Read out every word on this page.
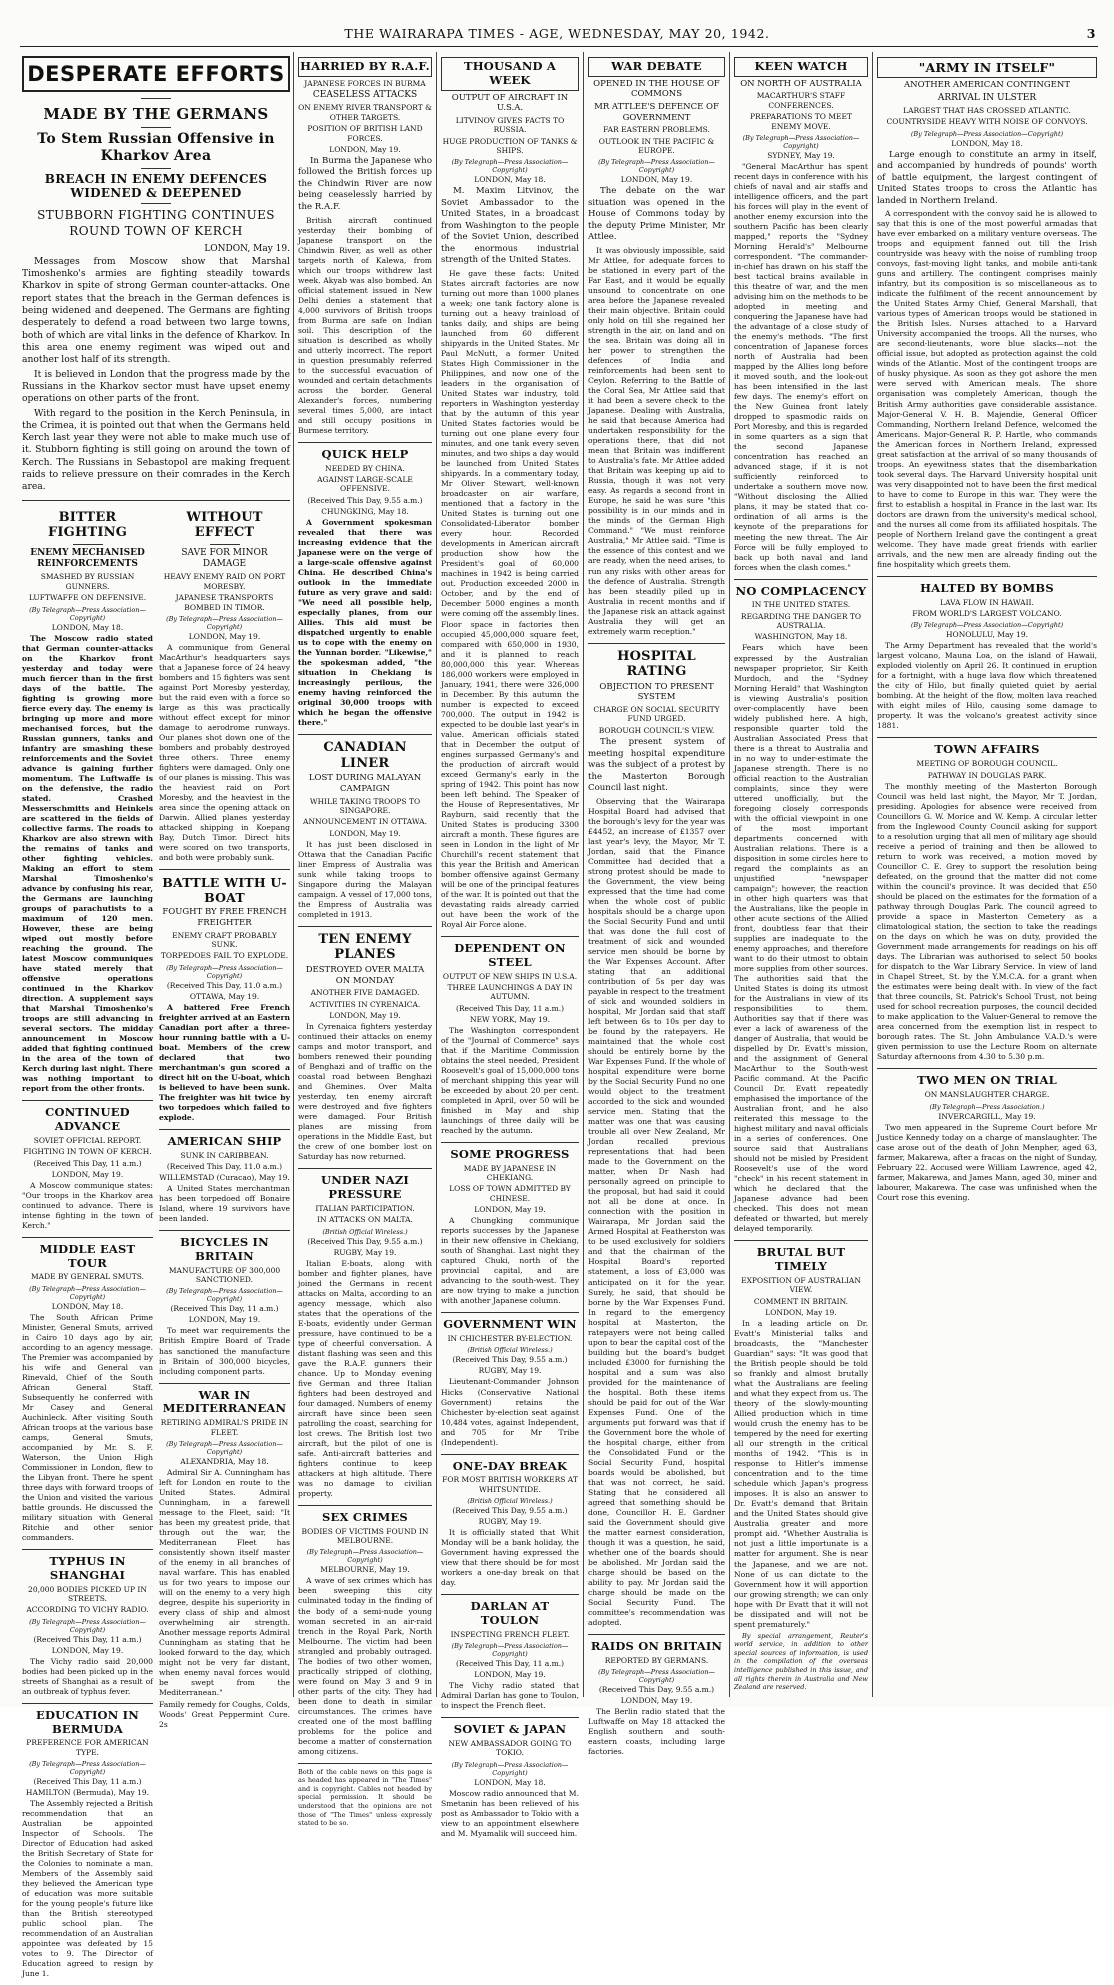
THE WAIRARAPA TIMES - AGE, WEDNESDAY, MAY 20, 1942.	3
DESPERATE EFFORTS
MADE BY THE GERMANS
To Stem Russian Offensive in Kharkov Area
BREACH IN ENEMY DEFENCES WIDENED & DEEPENED
STUBBORN FIGHTING CONTINUES ROUND TOWN OF KERCH
LONDON, May 19.

Messages from Moscow show that Marshal Timoshenko's armies are fighting steadily towards Kharkov in spite of strong German counter-attacks. One report states that the breach in the German defences is being widened and deepened. The Germans are fighting desperately to defend a road between two large towns, both of which are vital links in the defence of Kharkov. In this area one enemy regiment was wiped out and another lost half of its strength.

It is believed in London that the progress made by the Russians in the Kharkov sector must have upset enemy operations on other parts of the front.

With regard to the position in the Kerch Peninsula, in the Crimea, it is pointed out that when the Germans held Kerch last year they were not able to make much use of it. Stubborn fighting is still going on around the town of Kerch. The Russians in Sebastopol are making frequent raids to relieve pressure on their comrades in the Kerch area.

BITTER FIGHTING
ENEMY MECHANISED REINFORCEMENTS
SMASHED BY RUSSIAN GUNNERS.
LUFTWAFFE ON DEFENSIVE.
(By Telegraph—Press Association—Copyright)
LONDON, May 18.

The Moscow radio stated that German counter-attacks on the Kharkov front yesterday and today were much fiercer than in the first days of the battle. The fighting is growing more fierce every day. The enemy is bringing up more and more mechanised forces, but the Russian gunners, tanks and infantry are smashing these reinforcements and the Soviet advance is gaining further momentum. The Luftwaffe is on the defensive, the radio stated. Crashed Messerschmitts and Heinkels are scattered in the fields of collective farms. The roads to Kharkov are also strewn with the remains of tanks and other fighting vehicles. Making an effort to stem Marshal Timoshenko's advance by confusing his rear, the Germans are launching groups of parachutists to a maximum of 120 men. However, these are being wiped out mostly before reaching the ground. The latest Moscow communiques have stated merely that offensive operations continued in the Kharkov direction. A supplement says that Marshal Timoshenko's troops are still advancing in several sectors. The midday announcement in Moscow added that fighting continued in the area of the town of Kerch during last night. There was nothing important to report from the other fronts.

CONTINUED ADVANCE
SOVIET OFFICIAL REPORT.
FIGHTING IN TOWN OF KERCH.
(Received This Day, 11 a.m.)
LONDON, May 19.

A Moscow communique states: "Our troops in the Kharkov area continued to advance. There is intense fighting in the town of Kerch."

MIDDLE EAST TOUR
MADE BY GENERAL SMUTS.
(By Telegraph—Press Association—Copyright)
LONDON, May 18.

The South African Prime Minister, General Smuts, arrived in Cairo 10 days ago by air, according to an agency message. The Premier was accompanied by his wife and General van Rinevald, Chief of the South African General Staff. Subsequently he conferred with Mr Casey and General Auchinleck. After visiting South African troops at the various base camps, General Smuts, accompanied by Mr. S. F. Waterson, the Union High Commissioner in London, flew to the Libyan front. There he spent three days with forward troops of the Union and visited the various battle grounds. He discussed the military situation with General Ritchie and other senior commanders.

TYPHUS IN SHANGHAI
20,000 BODIES PICKED UP IN STREETS.
ACCORDING TO VICHY RADIO.
(By Telegraph—Press Association—Copyright)
(Received This Day, 11 a.m.)
LONDON, May 19.

The Vichy radio said 20,000 bodies had been picked up in the streets of Shanghai as a result of an outbreak of typhus fever.

EDUCATION IN BERMUDA
PREFERENCE FOR AMERICAN TYPE.
(By Telegraph—Press Association—Copyright)
(Received This Day, 11 a.m.)
HAMILTON (Bermuda), May 19.

The Assembly rejected a British recommendation that an Australian be appointed Inspector of Schools. The Director of Education had asked the British Secretary of State for the Colonies to nominate a man. Members of the Assembly said they believed the American type of education was more suitable for the young people's future like than the British stereotyped public school plan. The recommendation of an Australian appointee was defeated by 15 votes to 9. The Director of Education agreed to resign by June 1.

WITHOUT EFFECT
SAVE FOR MINOR DAMAGE
HEAVY ENEMY RAID ON PORT MORESBY.
JAPANESE TRANSPORTS BOMBED IN TIMOR.
(By Telegraph—Press Association—Copyright)
LONDON, May 19.

A communique from General MacArthur's headquarters says that a Japanese force of 24 heavy bombers and 15 fighters was sent against Port Moresby yesterday, but the raid even with a force so large as this was practically without effect except for minor damage to aerodrome runways. Our planes shot down one of the bombers and probably destroyed three others. Three enemy fighters were damaged. Only one of our planes is missing. This was the heaviest raid on Port Moresby, and the heaviest in the area since the opening attack on Darwin. Allied planes yesterday attacked shipping in Koepang Bay, Dutch Timor. Direct hits were scored on two transports, and both were probably sunk.

BATTLE WITH U-BOAT
FOUGHT BY FREE FRENCH FREIGHTER
ENEMY CRAFT PROBABLY SUNK.
TORPEDOES FAIL TO EXPLODE.
(By Telegraph—Press Association—Copyright)
(Received This Day, 11.0 a.m.)
OTTAWA, May 19.

A battered Free French freighter arrived at an Eastern Canadian port after a three-hour running battle with a U-boat. Members of the crew declared that two merchantman's gun scored a direct hit on the U-boat, which is believed to have been sunk. The freighter was hit twice by two torpedoes which failed to explode.

AMERICAN SHIP
SUNK IN CARIBBEAN.
(Received This Day, 11.0 a.m.)
WILLEMSTAD (Curacao), May 19.

A United States merchantman has been torpedoed off Bonaire Island, where 19 survivors have been landed.

BICYCLES IN BRITAIN
MANUFACTURE OF 300,000 SANCTIONED.
(By Telegraph—Press Association—Copyright)
(Received This Day, 11 a.m.)
LONDON, May 19.

To meet war requirements the British Empire Board of Trade has sanctioned the manufacture in Britain of 300,000 bicycles, including component parts.

WAR IN MEDITERRANEAN
RETIRING ADMIRAL'S PRIDE IN FLEET.
(By Telegraph—Press Association—Copyright)
ALEXANDRIA, May 18.

Admiral Sir A. Cunningham has left for London en route to the United States. Admiral Cunningham, in a farewell message to the Fleet, said: "It has been my greatest pride, that through out the war, the Mediterranean Fleet has consistently shown itself master of the enemy in all branches of naval warfare. This has enabled us for two years to impose our will on the enemy to a very high degree, despite his superiority in every class of ship and almost overwhelming air strength. Another message reports Admiral Cunningham as stating that he looked forward to the day, which might not be very far distant, when enemy naval forces would be swept from the Mediterranean."

Family remedy for Coughs, Colds, Woods' Great Peppermint Cure. 2s

HARRIED BY R.A.F.
JAPANESE FORCES IN BURMA
CEASELESS ATTACKS
ON ENEMY RIVER TRANSPORT & OTHER TARGETS.
POSITION OF BRITISH LAND FORCES.
LONDON, May 19.

In Burma the Japanese who followed the British forces up the Chindwin River are now being ceaselessly harried by the R.A.F.

British aircraft continued yesterday their bombing of Japanese transport on the Chindwin River, as well as other targets north of Kalewa, from which our troops withdrew last week. Akyab was also bombed. An official statement issued in New Delhi denies a statement that 4,000 survivors of British troops from Burma are safe on Indian soil. This description of the situation is described as wholly and utterly incorrect. The report in question presumably referred to the successful evacuation of wounded and certain detachments across the border. General Alexander's forces, numbering several times 5,000, are intact and still occupy positions in Burmese territory.

QUICK HELP
NEEDED BY CHINA.
AGAINST LARGE-SCALE OFFENSIVE.
(Received This Day, 9.55 a.m.)
CHUNGKING, May 18.

A Government spokesman revealed that there was increasing evidence that the Japanese were on the verge of a large-scale offensive against China. He described China's outlook in the immediate future as very grave and said: "We need all possible help, especially planes, from our Allies. This aid must be dispatched urgently to enable us to cope with the enemy on the Yunnan border. "Likewise," the spokesman added, "the situation in Chekiang is increasingly perilous, the enemy having reinforced the original 30,000 troops with which he began the offensive there."

CANADIAN LINER
LOST DURING MALAYAN CAMPAIGN
WHILE TAKING TROOPS TO SINGAPORE.
ANNOUNCEMENT IN OTTAWA.
LONDON, May 19.

It has just been disclosed in Ottawa that the Canadian Pacific liner Empress of Australia was sunk while taking troops to Singapore during the Malayan campaign. A vessel of 17,000 tons, the Empress of Australia was completed in 1913.

TEN ENEMY PLANES
DESTROYED OVER MALTA ON MONDAY
ANOTHER FIVE DAMAGED.
ACTIVITIES IN CYRENAICA.
LONDON, May 19.

In Cyrenaica fighters yesterday continued their attacks on enemy camps and motor transport, and bombers renewed their pounding of Benghazi and of traffic on the coastal road between Benghazi and Ghemines. Over Malta yesterday, ten enemy aircraft were destroyed and five fighters were damaged. Four British planes are missing from operations in the Middle East, but the crew of one bomber lost on Saturday has now returned.

UNDER NAZI PRESSURE
ITALIAN PARTICIPATION.
IN ATTACKS ON MALTA.
(British Official Wireless.)
(Received This Day, 9.55 a.m.)
RUGBY, May 19.

Italian E-boats, along with bomber and fighter planes, have joined the Germans in recent attacks on Malta, according to an agency message, which also states that the operations of the E-boats, evidently under German pressure, have continued to be a type of cheerful conversation. A distant flashing was seen and this gave the R.A.F. gunners their chance. Up to Monday evening five German and three Italian fighters had been destroyed and four damaged. Numbers of enemy aircraft have since been seen patrolling the coast, searching for lost crews. The British lost two aircraft, but the pilot of one is safe. Anti-aircraft batteries and fighters continue to keep attackers at high altitude. There was no damage to civilian property.

SEX CRIMES
BODIES OF VICTIMS FOUND IN MELBOURNE.
(By Telegraph—Press Association—Copyright)
MELBOURNE, May 19.

A wave of sex crimes which has been sweeping this city culminated today in the finding of the body of a semi-nude young woman secreted in an air-raid trench in the Royal Park, North Melbourne. The victim had been strangled and probably outraged. The bodies of two other women, practically stripped of clothing, were found on May 3 and 9 in other parts of the city. They had been done to death in similar circumstances. The crimes have created one of the most baffling problems for the police and become a matter of consternation among citizens.

Both of the cable news on this page is as headed has appeared in "The Times" and is copyright. Cables not headed by special permission. It should be understood that the opinions are not those of "The Times" unless expressly stated to be so.

THOUSAND A WEEK
OUTPUT OF AIRCRAFT IN U.S.A.
LITVINOV GIVES FACTS TO RUSSIA.
HUGE PRODUCTION OF TANKS & SHIPS.
(By Telegraph—Press Association—Copyright)
LONDON, May 18.

M. Maxim Litvinov, the Soviet Ambassador to the United States, in a broadcast from Washington to the people of the Soviet Union, described the enormous industrial strength of the United States.

He gave these facts: United States aircraft factories are now turning out more than 1000 planes a week; one tank factory alone is turning out a heavy trainload of tanks daily, and ships are being launched from 60 different shipyards in the United States. Mr Paul McNutt, a former United States High Commissioner in the Philippines, and now one of the leaders in the organisation of United States war industry, told reporters in Washington yesterday that by the autumn of this year United States factories would be turning out one plane every four minutes, and one tank every seven minutes, and two ships a day would be launched from United States shipyards. In a commentary today, Mr Oliver Stewart, well-known broadcaster on air warfare, mentioned that a factory in the United States is turning out one Consolidated-Liberator bomber every hour. Recorded developments in American aircraft production show how the President's goal of 60,000 machines in 1942 is being carried out. Production exceeded 2000 in October, and by the end of December 5000 engines a month were coming off the assembly lines. Floor space in factories then occupied 45,000,000 square feet, compared with 650,000 in 1930, and it is planned to reach 80,000,000 this year. Whereas 186,000 workers were employed in January, 1941, there were 326,000 in December. By this autumn the number is expected to exceed 700,000. The output in 1942 is expected to be double last year's in value. American officials stated that in December the output of engines surpassed Germany's and the production of aircraft would exceed Germany's early in the spring of 1942. This point has now been left behind. The Speaker of the House of Representatives, Mr Rayburn, said recently that the United States is producing 3300 aircraft a month. These figures are seen in London in the light of Mr Churchill's recent statement that this year the British and American bomber offensive against Germany will be one of the principal features of the war. It is pointed out that the devastating raids already carried out have been the work of the Royal Air Force alone.

DEPENDENT ON STEEL
OUTPUT OF NEW SHIPS IN U.S.A.
THREE LAUNCHINGS A DAY IN AUTUMN.
(Received This Day, 11 a.m.)
NEW YORK, May 19.

The Washington correspondent of the "Journal of Commerce" says that if the Maritime Commission obtains the steel needed, President Roosevelt's goal of 15,000,000 tons of merchant shipping this year will be exceeded by about 20 per cent. completed in April, over 50 will be finished in May and ship launchings of three daily will be reached by the autumn.

SOME PROGRESS
MADE BY JAPANESE IN CHEKIANG.
LOSS OF TOWN ADMITTED BY CHINESE.
LONDON, May 19.

A Chungking communique reports successes by the Japanese in their new offensive in Chekiang, south of Shanghai. Last night they captured Chuki, north of the provincial capital, and are advancing to the south-west. They are now trying to make a junction with another Japanese column.

GOVERNMENT WIN
IN CHICHESTER BY-ELECTION.
(British Official Wireless.)
(Received This Day, 9.55 a.m.)
RUGBY, May 19.

Lieutenant-Commander Johnson Hicks (Conservative National Government) retains the Chichester by-election seat against 10,484 votes, against Independent, and 705 for Mr Tribe (Independent).

ONE-DAY BREAK
FOR MOST BRITISH WORKERS AT WHITSUNTIDE.
(British Official Wireless.)
(Received This Day, 9.55 a.m.)
RUGBY, May 19.

It is officially stated that Whit Monday will be a bank holiday, the Government having expressed the view that there should be for most workers a one-day break on that day.

DARLAN AT TOULON
INSPECTING FRENCH FLEET.
(By Telegraph—Press Association—Copyright)
(Received This Day, 11 a.m.)
LONDON, May 19.

The Vichy radio stated that Admiral Darlan has gone to Toulon, to inspect the French fleet.

SOVIET & JAPAN
NEW AMBASSADOR GOING TO TOKIO.
(By Telegraph—Press Association—Copyright)
LONDON, May 18.

Moscow radio announced that M. Smetanin has been relieved of his post as Ambassador to Tokio with a view to an appointment elsewhere and M. Myamalik will succeed him.

WAR DEBATE
OPENED IN THE HOUSE OF COMMONS
MR ATTLEE'S DEFENCE OF GOVERNMENT
FAR EASTERN PROBLEMS.
OUTLOOK IN THE PACIFIC & EUROPE.
(By Telegraph—Press Association—Copyright)
LONDON, May 19.

The debate on the war situation was opened in the House of Commons today by the deputy Prime Minister, Mr Attlee.

It was obviously impossible, said Mr Attlee, for adequate forces to be stationed in every part of the Far East, and it would be equally unsound to concentrate on one area before the Japanese revealed their main objective. Britain could only hold on till she regained her strength in the air, on land and on the sea. Britain was doing all in her power to strengthen the defences of India and reinforcements had been sent to Ceylon. Referring to the Battle of the Coral Sea, Mr Attlee said that it had been a severe check to the Japanese. Dealing with Australia, he said that because America had undertaken responsibility for the operations there, that did not mean that Britain was indifferent to Australia's fate. Mr Attlee added that Britain was keeping up aid to Russia, though it was not very easy. As regards a second front in Europe, he said he was sure "this possibility is in our minds and in the minds of the German High Command." "We must reinforce Australia," Mr Attlee said. "Time is the essence of this contest and we are ready, when the need arises, to run any risks with other areas for the defence of Australia. Strength has been steadily piled up in Australia in recent months and if the Japanese risk an attack against Australia they will get an extremely warm reception."

HOSPITAL RATING
OBJECTION TO PRESENT SYSTEM
CHARGE ON SOCIAL SECURITY FUND URGED.
BOROUGH COUNCIL'S VIEW.

The present system of meeting hospital expenditure was the subject of a protest by the Masterton Borough Council last night.

Observing that the Wairarapa Hospital Board had advised that the borough's levy for the year was £4452, an increase of £1357 over last year's levy, the Mayor, Mr T. Jordan, said that the Finance Committee had decided that a strong protest should be made to the Government, the view being expressed that the time had come when the whole cost of public hospitals should be a charge upon the Social Security Fund and until that was done the full cost of treatment of sick and wounded service men should be borne by the War Expenses Account. After stating that an additional contribution of 5s per day was payable in respect to the treatment of sick and wounded soldiers in hospital, Mr Jordan said that staff left between 6s to 10s per day to be found by the ratepayers. He maintained that the whole cost should be entirely borne by the War Expenses Fund. If the whole of hospital expenditure were borne by the Social Security Fund no one would object to the treatment accorded to the sick and wounded service men. Stating that the matter was one that was causing trouble all over New Zealand, Mr Jordan recalled previous representations that had been made to the Government on the matter, when Dr Nash had personally agreed on principle to the proposal, but had said it could not all be done at once. In connection with the position in Wairarapa, Mr Jordan said the Armed Hospital at Featherston was to be used exclusively for soldiers and that the chairman of the Hospital Board's reported statement, a loss of £3,000 was anticipated on it for the year. Surely, he said, that should be borne by the War Expenses Fund. In regard to the emergency hospital at Masterton, the ratepayers were not being called upon to bear the capital cost of the building but the board's budget included £3000 for furnishing the hospital and a sum was also provided for the maintenance of the hospital. Both these items should be paid for out of the War Expenses Fund. One of the arguments put forward was that if the Government bore the whole of the hospital charge, either from the Consolidated Fund or the Social Security Fund, hospital boards would be abolished, but that was not correct, he said. Stating that he considered all agreed that something should be done, Councillor H. E. Gardner said the Government should give the matter earnest consideration, though it was a question, he said, whether one of the boards should be abolished. Mr Jordan said the charge should be based on the ability to pay. Mr Jordan said the charge should be made on the Social Security Fund. The committee's recommendation was adopted.

RAIDS ON BRITAIN
REPORTED BY GERMANS.
(By Telegraph—Press Association—Copyright)
(Received This Day, 9.55 a.m.)
LONDON, May 19.

The Berlin radio stated that the Luftwaffe on May 18 attacked the English southern and south-eastern coasts, including large factories.

KEEN WATCH
ON NORTH OF AUSTRALIA
MACARTHUR'S STAFF CONFERENCES.
PREPARATIONS TO MEET ENEMY MOVE.
(By Telegraph—Press Association—Copyright)
SYDNEY, May 19.

"General MacArthur has spent recent days in conference with his chiefs of naval and air staffs and intelligence officers, and the part his forces will play in the event of another enemy excursion into the southern Pacific has been clearly mapped," reports the "Sydney Morning Herald's" Melbourne correspondent. "The commander-in-chief has drawn on his staff the best tactical brains available in this theatre of war, and the men advising him on the methods to be adopted in meeting and conquering the Japanese have had the advantage of a close study of the enemy's methods. "The first concentration of Japanese forces north of Australia had been mapped by the Allies long before it moved south, and the look-out has been intensified in the last few days. The enemy's effort on the New Guinea front lately dropped to spasmodic raids on Port Moresby, and this is regarded in some quarters as a sign that the second Japanese concentration has reached an advanced stage, if it is not sufficiently reinforced to undertake a southern move now. "Without disclosing the Allied plans, it may be stated that co-ordination of all arms is the keynote of the preparations for meeting the new threat. The Air Force will be fully employed to back up both naval and land forces when the clash comes."

NO COMPLACENCY
IN THE UNITED STATES.
REGARDING THE DANGER TO AUSTRALIA.
WASHINGTON, May 18.

Fears which have been expressed by the Australian newspaper proprietor, Sir Keith Murdoch, and the "Sydney Morning Herald" that Washington is viewing Australia's position over-complacently have been widely published here. A high, responsible quarter told the Australian Associated Press that there is a threat to Australia and in no way to under-estimate the Japanese strength. There is no official reaction to the Australian complaints, since they were uttered unofficially, but the foregoing closely corresponds with the official viewpoint in one of the most important departments concerned with Australian relations. There is a disposition in some circles here to regard the complaints as an unjustified "newspaper campaign"; however, the reaction in other high quarters was that the Australians, like the people in other acute sections of the Allied front, doubtless fear that their supplies are inadequate to the enemy approaches, and therefore want to do their utmost to obtain more supplies from other sources. The authorities said that the United States is doing its utmost for the Australians in view of its responsibilities to them. Authorities say that if there was ever a lack of awareness of the danger of Australia, that would be dispelled by Dr. Evatt's mission, and the assignment of General MacArthur to the South-west Pacific command. At the Pacific Council Dr. Evatt repeatedly emphasised the importance of the Australian front, and he also reiterated this message to the highest military and naval officials in a series of conferences. One source said that Australians should not be misled by President Roosevelt's use of the word "check" in his recent statement in which he declared that the Japanese advance had been checked. This does not mean defeated or thwarted, but merely delayed temporarily.

BRUTAL BUT TIMELY
EXPOSITION OF AUSTRALIAN VIEW.
COMMENT IN BRITAIN.
LONDON, May 19.

In a leading article on Dr. Evatt's Ministerial talks and broadcasts, the "Manchester Guardian" says: "It was good that the British people should be told so frankly and almost brutally what the Australians are feeling and what they expect from us. The theory of the slowly-mounting Allied production which in time would crush the enemy has to be tempered by the need for exerting all our strength in the critical months of 1942. "This is in response to Hitler's immense concentration and to the time schedule which Japan's progress imposes. It is also an answer to Dr. Evatt's demand that Britain and the United States should give Australia greater and more prompt aid. "Whether Australia is not just a little importunate is a matter for argument. She is near the Japanese, and we are not. None of us can dictate to the Government how it will apportion our growing strength; we can only hope with Dr Evatt that it will not be dissipated and will not be spent prematurely."

By special arrangement, Reuter's world service, in addition to other special sources of information, is used in the compilation of the overseas intelligence published in this issue, and all rights therein in Australia and New Zealand are reserved.

"ARMY IN ITSELF"
ANOTHER AMERICAN CONTINGENT
ARRIVAL IN ULSTER
LARGEST THAT HAS CROSSED ATLANTIC.
COUNTRYSIDE HEAVY WITH NOISE OF CONVOYS.
(By Telegraph—Press Association—Copyright)
LONDON, May 18.

Large enough to constitute an army in itself, and accompanied by hundreds of pounds' worth of battle equipment, the largest contingent of United States troops to cross the Atlantic has landed in Northern Ireland.

A correspondent with the convoy said he is allowed to say that this is one of the most powerful armadas that have ever embarked on a military venture overseas. The troops and equipment fanned out till the Irish countryside was heavy with the noise of rumbling troop convoys, fast-moving light tanks, and mobile anti-tank guns and artillery. The contingent comprises mainly infantry, but its composition is so miscellaneous as to indicate the fulfilment of the recent announcement by the United States Army Chief, General Marshall, that various types of American troops would be stationed in the British Isles. Nurses attached to a Harvard University accompanied the troops. All the nurses, who are second-lieutenants, wore blue slacks—not the official issue, but adopted as protection against the cold winds of the Atlantic. Most of the contingent troops are of husky physique. As soon as they got ashore the men were served with American meals. The shore organisation was completely American, though the British Army authorities gave considerable assistance. Major-General V. H. B. Majendie, General Officer Commanding, Northern Ireland Defence, welcomed the Americans. Major-General R. P. Hartle, who commands the American forces in Northern Ireland, expressed great satisfaction at the arrival of so many thousands of troops. An eyewitness states that the disembarkation took several days. The Harvard University hospital unit was very disappointed not to have been the first medical to have to come to Europe in this war. They were the first to establish a hospital in France in the last war. Its doctors are drawn from the university's medical school, and the nurses all come from its affiliated hospitals. The people of Northern Ireland gave the contingent a great welcome. They have made great friends with earlier arrivals, and the new men are already finding out the fine hospitality which greets them.

HALTED BY BOMBS
LAVA FLOW IN HAWAII.
FROM WORLD'S LARGEST VOLCANO.
(By Telegraph—Press Association—Copyright)
HONOLULU, May 19.

The Army Department has revealed that the world's largest volcano, Mauna Loa, on the island of Hawaii, exploded violently on April 26. It continued in eruption for a fortnight, with a huge lava flow which threatened the city of Hilo, but finally quieted quiet by aerial bombing. At the height of the flow, molten lava reached with eight miles of Hilo, causing some damage to property. It was the volcano's greatest activity since 1881.

TOWN AFFAIRS
MEETING OF BOROUGH COUNCIL.
PATHWAY IN DOUGLAS PARK.

The monthly meeting of the Masterton Borough Council was held last night, the Mayor, Mr T. Jordan, presiding. Apologies for absence were received from Councillors G. W. Morice and W. Kemp. A circular letter from the Inglewood County Council asking for support to a resolution urging that all men of military age should receive a period of training and then be allowed to return to work was received, a motion moved by Councillor C. E. Grey to support the resolution being defeated, on the ground that the matter did not come within the council's province. It was decided that £50 should be placed on the estimates for the formation of a pathway through Douglas Park. The council agreed to provide a space in Masterton Cemetery as a climatological station, the section to take the readings on the days on which he was on duty, provided the Government made arrangements for readings on his off days. The Librarian was authorised to select 50 books for dispatch to the War Library Service. In view of land in Chapel Street, St. by the Y.M.C.A. for a grant when the estimates were being dealt with. In view of the fact that three councils, St. Patrick's School Trust, not being used for school recreation purposes, the council decided to make application to the Valuer-General to remove the area concerned from the exemption list in respect to borough rates. The St. John Ambulance V.A.D.'s were given permission to use the Lecture Room on alternate Saturday afternoons from 4.30 to 5.30 p.m.

TWO MEN ON TRIAL
ON MANSLAUGHTER CHARGE.
(By Telegraph—Press Association.)
INVERCARGILL, May 19.

Two men appeared in the Supreme Court before Mr Justice Kennedy today on a charge of manslaughter. The case arose out of the death of John Menpher, aged 63, farmer, Makarewa, after a fracas on the night of Sunday, February 22. Accused were William Lawrence, aged 42, farmer, Makarewa, and James Mann, aged 30, miner and labourer, Makarewa. The case was unfinished when the Court rose this evening.
